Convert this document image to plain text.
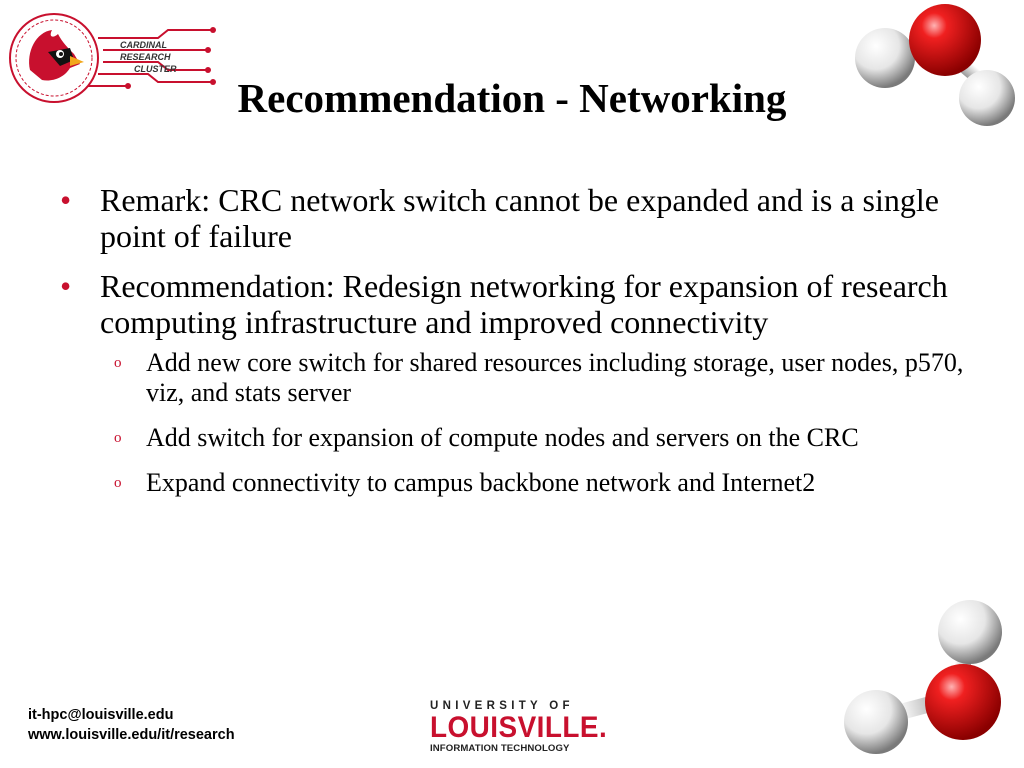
CARDINAL
RESEARCH
CLUSTER
Recommendation - Networking
• Remark: CRC network switch cannot be expanded and is a single point of failure
• Recommendation: Redesign networking for expansion of research computing infrastructure and improved connectivity
o Add new core switch for shared resources including storage, user nodes, p570, viz, and stats server
o Add switch for expansion of compute nodes and servers on the CRC
o Expand connectivity to campus backbone network and Internet2
it-hpc@louisville.edu
www.louisville.edu/it/research
UNIVERSITY OF
LOUISVILLE.
INFORMATION TECHNOLOGY
